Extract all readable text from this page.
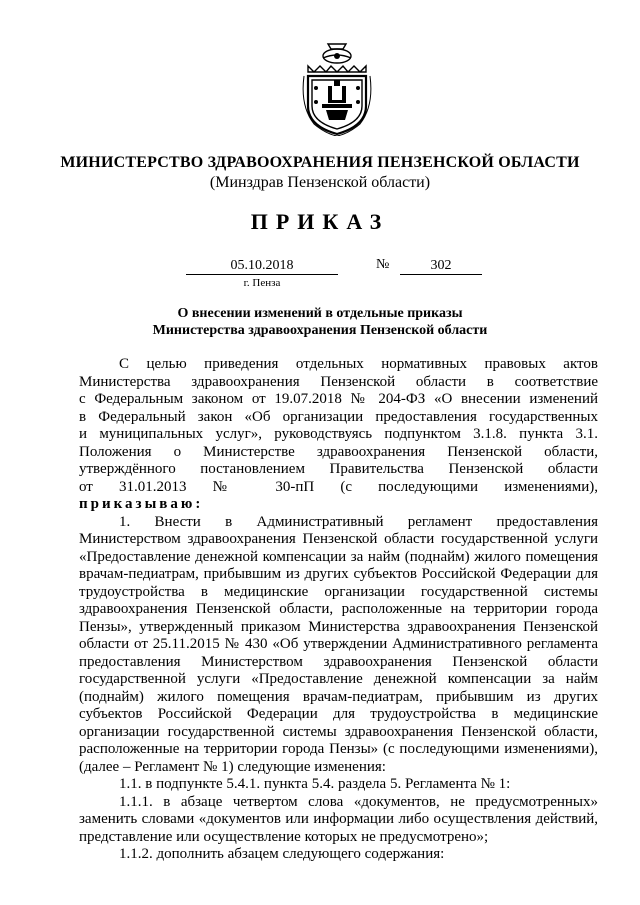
МИНИСТЕРСТВО ЗДРАВООХРАНЕНИЯ ПЕНЗЕНСКОЙ ОБЛАСТИ
(Минздрав Пензенской области)
ПРИКАЗ
05.10.2018	№	302
г. Пенза
О внесении изменений в отдельные приказы
Министерства здравоохранения Пензенской области

С целью приведения отдельных нормативных правовых актов

Министерства здравоохранения Пензенской области в соответствие

с Федеральным законом от 19.07.2018 № 204-ФЗ «О внесении изменений

в Федеральный закон «Об организации предоставления государственных

и муниципальных услуг», руководствуясь подпунктом 3.1.8. пункта 3.1.

Положения о Министерстве здравоохранения Пензенской области,

утверждённого постановлением Правительства Пензенской области

от 31.01.2013 № 30-пП (с последующими изменениями),

приказываю:

1. Внести в Административный регламент предоставления

Министерством здравоохранения Пензенской области государственной услуги

«Предоставление денежной компенсации за найм (поднайм) жилого помещения

врачам-педиатрам, прибывшим из других субъектов Российской Федерации для

трудоустройства в медицинские организации государственной системы

здравоохранения Пензенской области, расположенные на территории города

Пензы», утвержденный приказом Министерства здравоохранения Пензенской

области от 25.11.2015 № 430 «Об утверждении Административного регламента

предоставления Министерством здравоохранения Пензенской области

государственной услуги «Предоставление денежной компенсации за найм

(поднайм) жилого помещения врачам-педиатрам, прибывшим из других

субъектов Российской Федерации для трудоустройства в медицинские

организации государственной системы здравоохранения Пензенской области,

расположенные на территории города Пензы» (с последующими изменениями),

(далее – Регламент № 1) следующие изменения:

1.1. в подпункте 5.4.1. пункта 5.4. раздела 5. Регламента № 1:

1.1.1. в абзаце четвертом слова «документов, не предусмотренных»

заменить словами «документов или информации либо осуществления действий,

представление или осуществление которых не предусмотрено»;

1.1.2. дополнить абзацем следующего содержания:
